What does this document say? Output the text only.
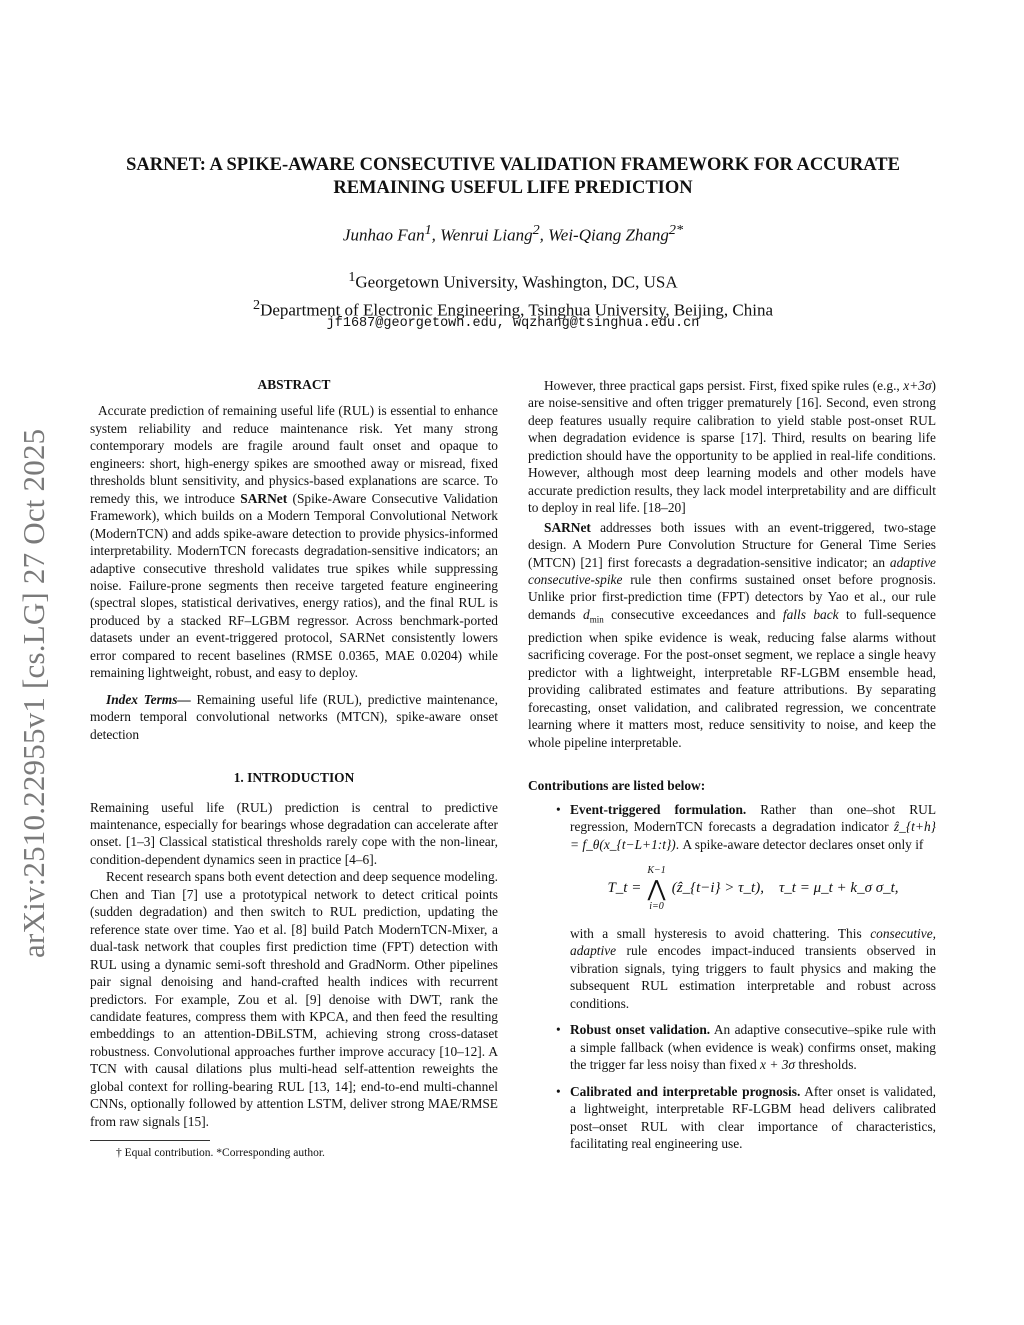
arXiv:2510.22955v1 [cs.LG] 27 Oct 2025
SARNET: A SPIKE-AWARE CONSECUTIVE VALIDATION FRAMEWORK FOR ACCURATE REMAINING USEFUL LIFE PREDICTION
Junhao Fan$^1$, Wenrui Liang$^2$, Wei-Qiang Zhang$^{2*}$
$^1$Georgetown University, Washington, DC, USA
$^2$Department of Electronic Engineering, Tsinghua University, Beijing, China
jf1687@georgetown.edu, wqzhang@tsinghua.edu.cn
ABSTRACT

Accurate prediction of remaining useful life (RUL) is essential to enhance system reliability and reduce maintenance risk. Yet many strong contemporary models are fragile around fault onset and opaque to engineers: short, high-energy spikes are smoothed away or misread, fixed thresholds blunt sensitivity, and physics-based explanations are scarce. To remedy this, we introduce SARNet (Spike-Aware Consecutive Validation Framework), which builds on a Modern Temporal Convolutional Network (ModernTCN) and adds spike-aware detection to provide physics-informed interpretability. ModernTCN forecasts degradation-sensitive indicators; an adaptive consecutive threshold validates true spikes while suppressing noise. Failure-prone segments then receive targeted feature engineering (spectral slopes, statistical derivatives, energy ratios), and the final RUL is produced by a stacked RF–LGBM regressor. Across benchmark-ported datasets under an event-triggered protocol, SARNet consistently lowers error compared to recent baselines (RMSE 0.0365, MAE 0.0204) while remaining lightweight, robust, and easy to deploy.

Index Terms— Remaining useful life (RUL), predictive maintenance, modern temporal convolutional networks (MTCN), spike-aware onset detection

1. INTRODUCTION

Remaining useful life (RUL) prediction is central to predictive maintenance, especially for bearings whose degradation can accelerate after onset. [1–3] Classical statistical thresholds rarely cope with the non-linear, condition-dependent dynamics seen in practice [4–6].

Recent research spans both event detection and deep sequence modeling. Chen and Tian [7] use a prototypical network to detect critical points (sudden degradation) and then switch to RUL prediction, updating the reference state over time. Yao et al. [8] build Patch ModernTCN-Mixer, a dual-task network that couples first prediction time (FPT) detection with RUL using a dynamic semi-soft threshold and GradNorm. Other pipelines pair signal denoising and hand-crafted health indices with recurrent predictors. For example, Zou et al. [9] denoise with DWT, rank the candidate features, compress them with KPCA, and then feed the resulting embeddings to an attention-DBiLSTM, achieving strong cross-dataset robustness. Convolutional approaches further improve accuracy [10–12]. A TCN with causal dilations plus multi-head self-attention reweights the global context for rolling-bearing RUL [13, 14]; end-to-end multi-channel CNNs, optionally followed by attention LSTM, deliver strong MAE/RMSE from raw signals [15].

† Equal contribution. *Corresponding author.

However, three practical gaps persist. First, fixed spike rules (e.g., x+3σ) are noise-sensitive and often trigger prematurely [16]. Second, even strong deep features usually require calibration to yield stable post-onset RUL when degradation evidence is sparse [17]. Third, results on bearing life prediction should have the opportunity to be applied in real-life conditions. However, although most deep learning models and other models have accurate prediction results, they lack model interpretability and are difficult to deploy in real life. [18–20]

SARNet addresses both issues with an event-triggered, two-stage design. A Modern Pure Convolution Structure for General Time Series (MTCN) [21] first forecasts a degradation-sensitive indicator; an adaptive consecutive-spike rule then confirms sustained onset before prognosis. Unlike prior first-prediction time (FPT) detectors by Yao et al., our rule demands $d_{min}$ consecutive exceedances and falls back to full-sequence prediction when spike evidence is weak, reducing false alarms without sacrificing coverage. For the post-onset segment, we replace a single heavy predictor with a lightweight, interpretable RF-LGBM ensemble head, providing calibrated estimates and feature attributions. By separating forecasting, onset validation, and calibrated regression, we concentrate learning where it matters most, reduce sensitivity to noise, and keep the whole pipeline interpretable.

Contributions are listed below:
• Event-triggered formulation. Rather than one–shot RUL regression, ModernTCN forecasts a degradation indicator ẑ_{t+h} = f_θ(x_{t−L+1:t}). A spike-aware detector declares onset only if
T_t =
K−1
⋀
i=0
(ẑ_{t−i} > τ_t),    τ_t = μ_t + k_σ σ_t,
with a small hysteresis to avoid chattering. This consecutive, adaptive rule encodes impact-induced transients observed in vibration signals, tying triggers to fault physics and making the subsequent RUL estimation interpretable and robust across conditions.
• Robust onset validation. An adaptive consecutive–spike rule with a simple fallback (when evidence is weak) confirms onset, making the trigger far less noisy than fixed x + 3σ thresholds.
• Calibrated and interpretable prognosis. After onset is validated, a lightweight, interpretable RF-LGBM head delivers calibrated post–onset RUL with clear importance of characteristics, facilitating real engineering use.
